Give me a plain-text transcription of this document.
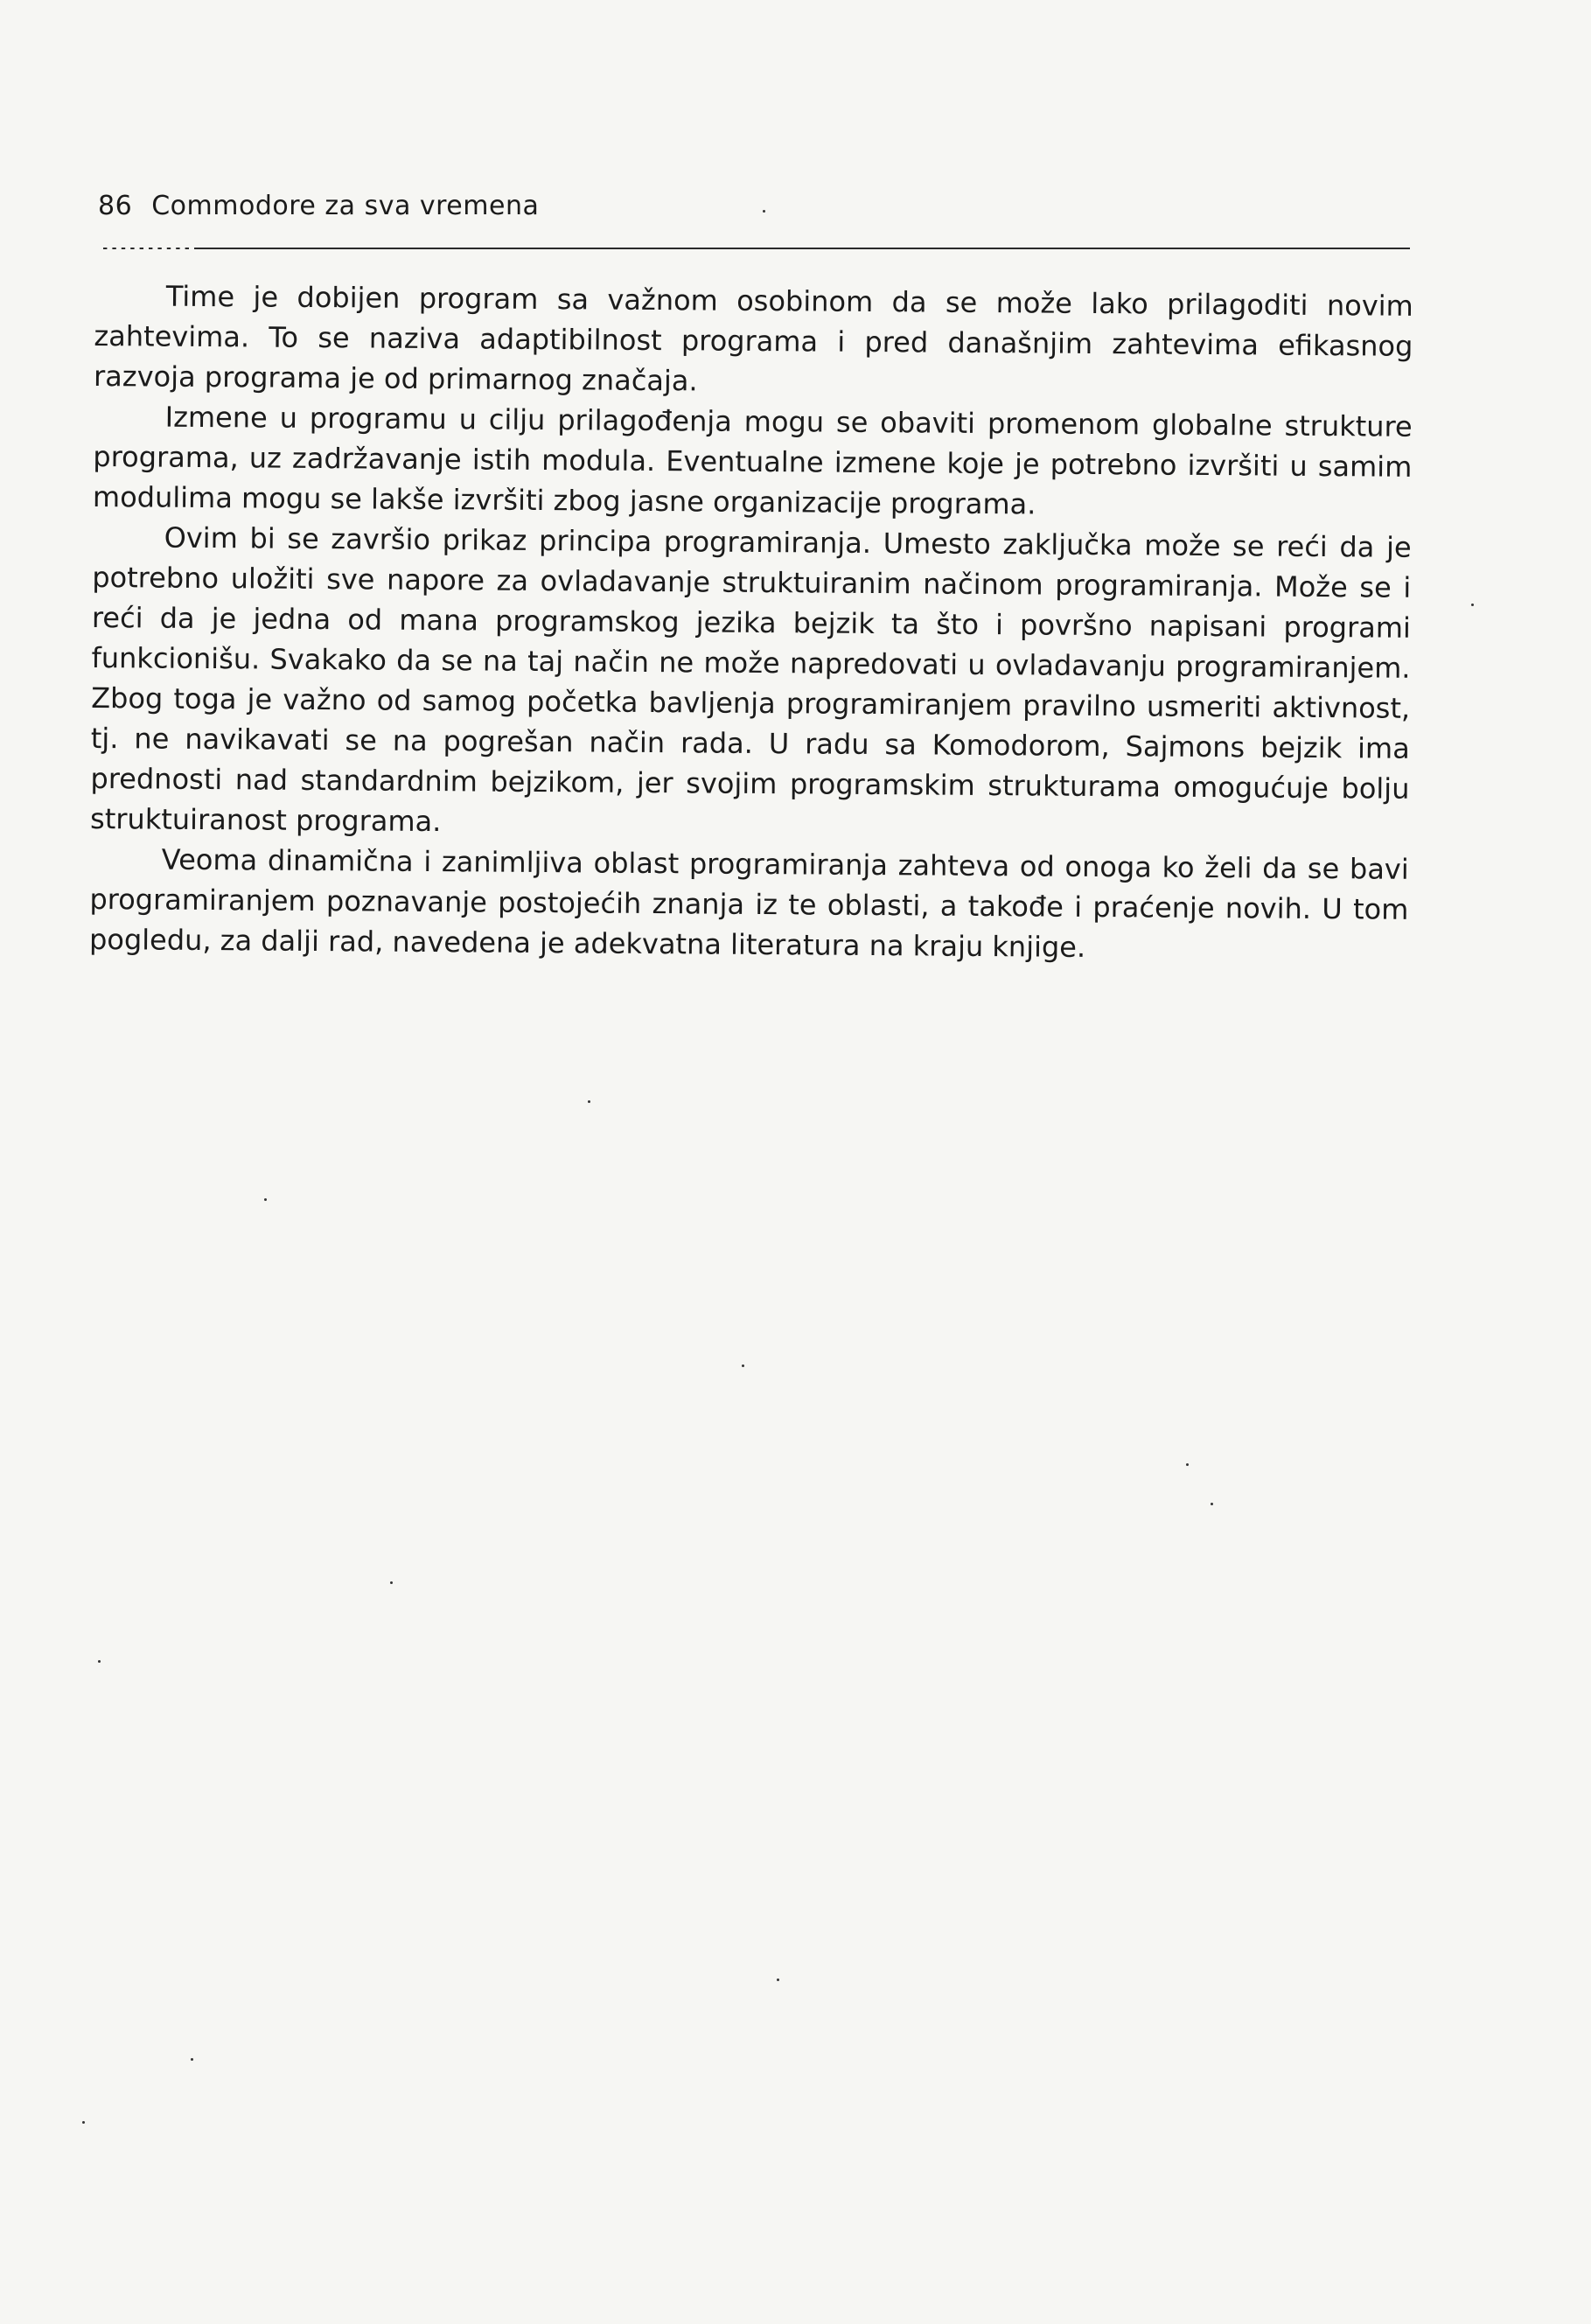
86 Commodore za sva vremena

Time je dobijen program sa važnom osobinom da se može lako prilagoditi novim zahtevima. To se naziva adaptibilnost programa i pred današnjim zahtevima efikasnog razvoja programa je od primarnog značaja.

Izmene u programu u cilju prilagođenja mogu se obaviti promenom globalne strukture programa, uz zadržavanje istih modula. Eventualne izmene koje je potrebno izvršiti u samim modulima mogu se lakše izvršiti zbog jasne organizacije programa.

Ovim bi se završio prikaz principa programiranja. Umesto zaključka može se reći da je potrebno uložiti sve napore za ovladavanje struktuiranim načinom programiranja. Može se i reći da je jedna od mana programskog jezika bejzik ta što i površno napisani programi funkcionišu. Svakako da se na taj način ne može napredovati u ovladavanju programiranjem. Zbog toga je važno od samog početka bavljenja programiranjem pravilno usmeriti aktivnost, tj. ne navikavati se na pogrešan način rada. U radu sa Komodorom, Sajmons bejzik ima prednosti nad standardnim bejzikom, jer svojim programskim strukturama omogućuje bolju struktuiranost programa.

Veoma dinamična i zanimljiva oblast programiranja zahteva od onoga ko želi da se bavi programiranjem poznavanje postojećih znanja iz te oblasti, a takođe i praćenje novih. U tom pogledu, za dalji rad, navedena je adekvatna literatura na kraju knjige.
